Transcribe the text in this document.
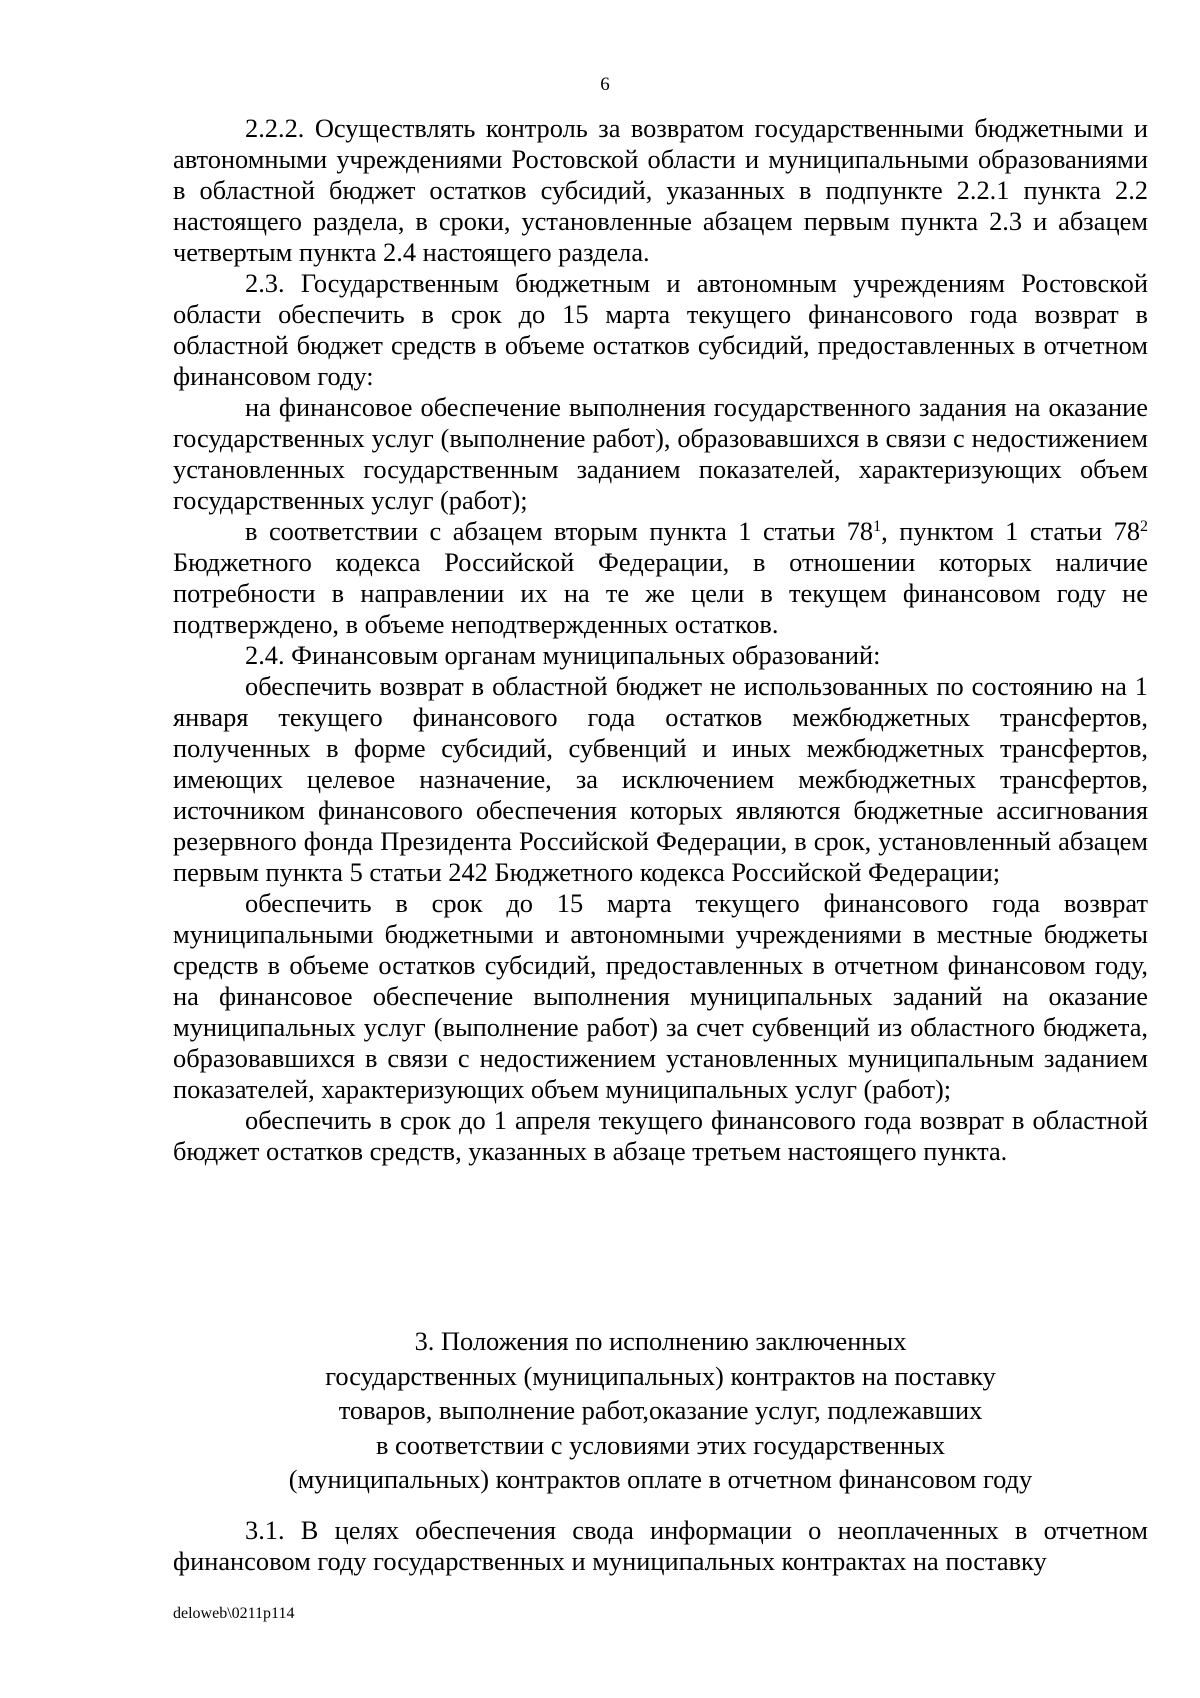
6

2.2.2. Осуществлять контроль за возвратом государственными бюджетными и автономными учреждениями Ростовской области и муниципальными образованиями в областной бюджет остатков субсидий, указанных в подпункте 2.2.1 пункта 2.2 настоящего раздела, в сроки, установленные абзацем первым пункта 2.3 и абзацем четвертым пункта 2.4 настоящего раздела.

2.3. Государственным бюджетным и автономным учреждениям Ростовской области обеспечить в срок до 15 марта текущего финансового года возврат в областной бюджет средств в объеме остатков субсидий, предоставленных в отчетном финансовом году:

на финансовое обеспечение выполнения государственного задания на оказание государственных услуг (выполнение работ), образовавшихся в связи с недостижением установленных государственным заданием показателей, характеризующих объем государственных услуг (работ);

в соответствии с абзацем вторым пункта 1 статьи $78^1$, пунктом 1 статьи $78^2$ Бюджетного кодекса Российской Федерации, в отношении которых наличие потребности в направлении их на те же цели в текущем финансовом году не подтверждено, в объеме неподтвержденных остатков.

2.4. Финансовым органам муниципальных образований:

обеспечить возврат в областной бюджет не использованных по состоянию на 1 января текущего финансового года остатков межбюджетных трансфертов, полученных в форме субсидий, субвенций и иных межбюджетных трансфертов, имеющих целевое назначение, за исключением межбюджетных трансфертов, источником финансового обеспечения которых являются бюджетные ассигнования резервного фонда Президента Российской Федерации, в срок, установленный абзацем первым пункта 5 статьи 242 Бюджетного кодекса Российской Федерации;

обеспечить в срок до 15 марта текущего финансового года возврат муниципальными бюджетными и автономными учреждениями в местные бюджеты средств в объеме остатков субсидий, предоставленных в отчетном финансовом году, на финансовое обеспечение выполнения муниципальных заданий на оказание муниципальных услуг (выполнение работ) за счет субвенций из областного бюджета, образовавшихся в связи с недостижением установленных муниципальным заданием показателей, характеризующих объем муниципальных услуг (работ);

обеспечить в срок до 1 апреля текущего финансового года возврат в областной бюджет остатков средств, указанных в абзаце третьем настоящего пункта.

3. Положения по исполнению заключенных
государственных (муниципальных) контрактов на поставку
товаров, выполнение работ,оказание услуг, подлежавших
в соответствии с условиями этих государственных
(муниципальных) контрактов оплате в отчетном финансовом году

3.1. В целях обеспечения свода информации о неоплаченных в отчетном финансовом году государственных и муниципальных контрактах на поставку

deloweb\0211p114
